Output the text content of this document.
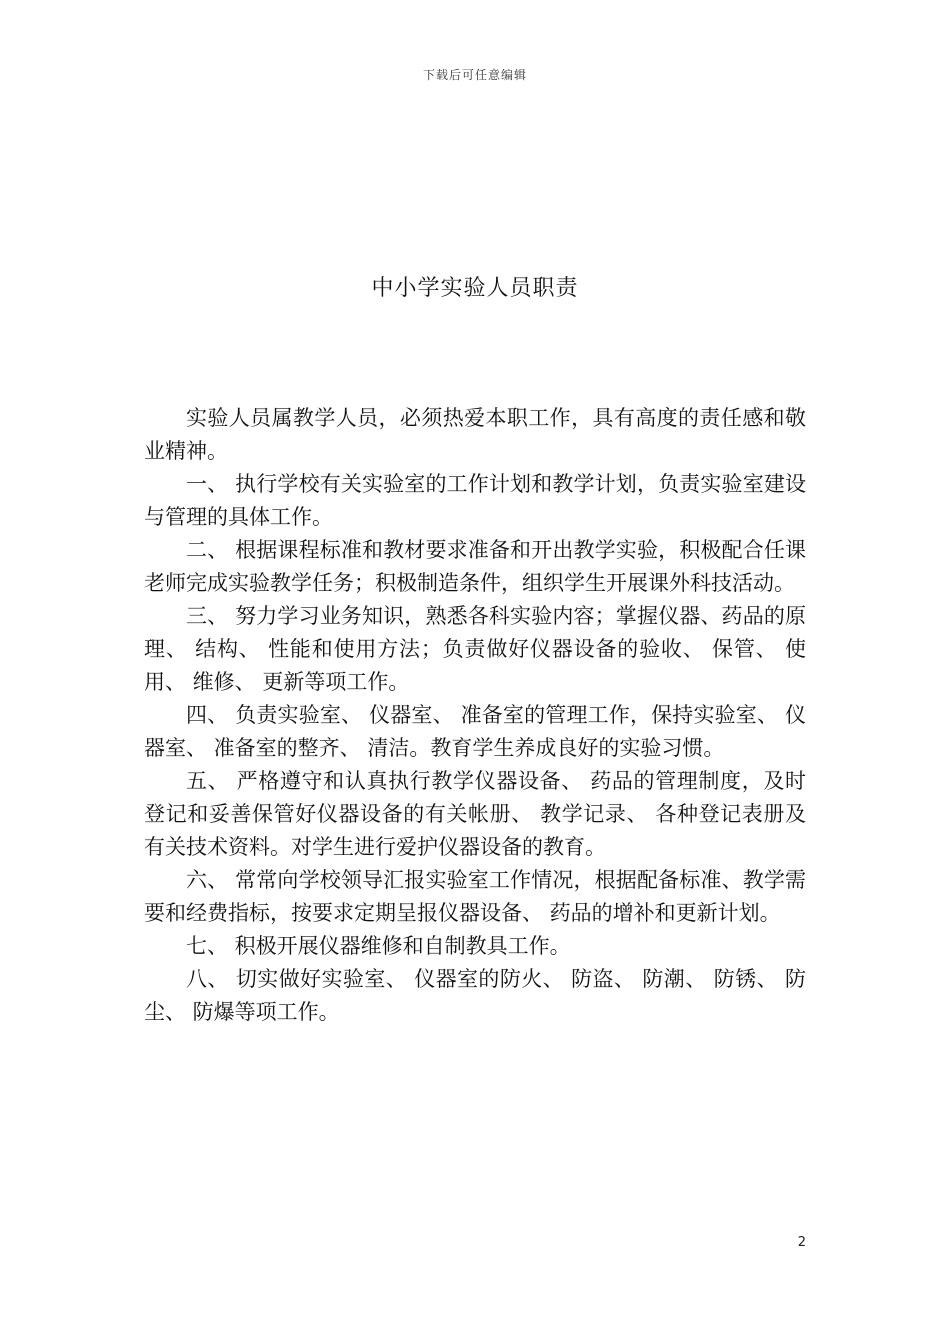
下载后可任意编辑
中小学实验人员职责

实验人员属教学人员，必须热爱本职工作，具有高度的责任感和敬业精神。

一、 执行学校有关实验室的工作计划和教学计划，负责实验室建设与管理的具体工作。

二、 根据课程标准和教材要求准备和开出教学实验，积极配合任课老师完成实验教学任务；积极制造条件，组织学生开展课外科技活动。

三、 努力学习业务知识，熟悉各科实验内容；掌握仪器、药品的原理、 结构、 性能和使用方法；负责做好仪器设备的验收、 保管、 使用、 维修、 更新等项工作。

四、 负责实验室、 仪器室、 准备室的管理工作，保持实验室、 仪器室、 准备室的整齐、 清洁。教育学生养成良好的实验习惯。

五、 严格遵守和认真执行教学仪器设备、 药品的管理制度，及时登记和妥善保管好仪器设备的有关帐册、 教学记录、 各种登记表册及有关技术资料。对学生进行爱护仪器设备的教育。

六、 常常向学校领导汇报实验室工作情况，根据配备标准、教学需要和经费指标，按要求定期呈报仪器设备、 药品的增补和更新计划。

七、 积极开展仪器维修和自制教具工作。

八、 切实做好实验室、 仪器室的防火、 防盗、 防潮、 防锈、 防尘、 防爆等项工作。

2
